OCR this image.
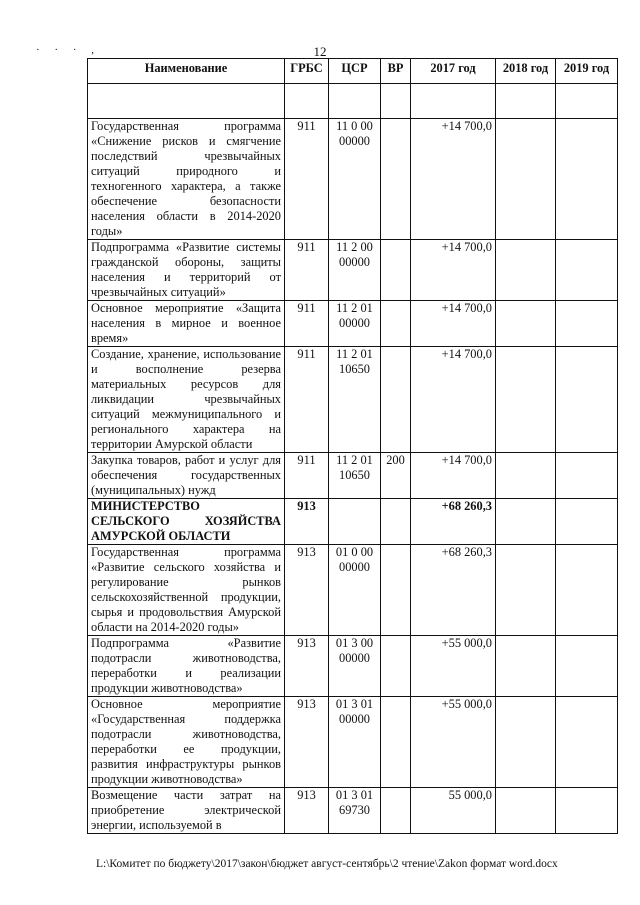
· · · ,	12
Наименование	ГРБС	ЦСР	ВР	2017 год	2018 год	2019 год

Государственная программа «Снижение рисков и смягчение последствий чрезвычайных ситуаций природного и техногенного характера, а также обеспечение безопасности населения области в 2014-2020 годы»	911	11 0 00 00000		+14 700,0		
Подпрограмма «Развитие системы гражданской обороны, защиты населения и территорий от чрезвычайных ситуаций»	911	11 2 00 00000		+14 700,0		
Основное мероприятие «Защита населения в мирное и военное время»	911	11 2 01 00000		+14 700,0		
Создание, хранение, использование и восполнение резерва материальных ресурсов для ликвидации чрезвычайных ситуаций межмуниципального и регионального характера на территории Амурской области	911	11 2 01 10650		+14 700,0		
Закупка товаров, работ и услуг для обеспечения государственных (муниципальных) нужд	911	11 2 01 10650	200	+14 700,0		
МИНИСТЕРСТВО СЕЛЬСКОГО ХОЗЯЙСТВА АМУРСКОЙ ОБЛАСТИ	913			+68 260,3		
Государственная программа «Развитие сельского хозяйства и регулирование рынков сельскохозяйственной продукции, сырья и продовольствия Амурской области на 2014-2020 годы»	913	01 0 00 00000		+68 260,3		
Подпрограмма «Развитие подотрасли животноводства, переработки и реализации продукции животноводства»	913	01 3 00 00000		+55 000,0		
Основное мероприятие «Государственная поддержка подотрасли животноводства, переработки ее продукции, развития инфраструктуры рынков продукции животноводства»	913	01 3 01 00000		+55 000,0		
Возмещение части затрат на приобретение электрической энергии, используемой в	913	01 3 01 69730		55 000,0		
L:\Комитет по бюджету\2017\закон\бюджет август-сентябрь\2 чтение\Zakon формат word.docx
